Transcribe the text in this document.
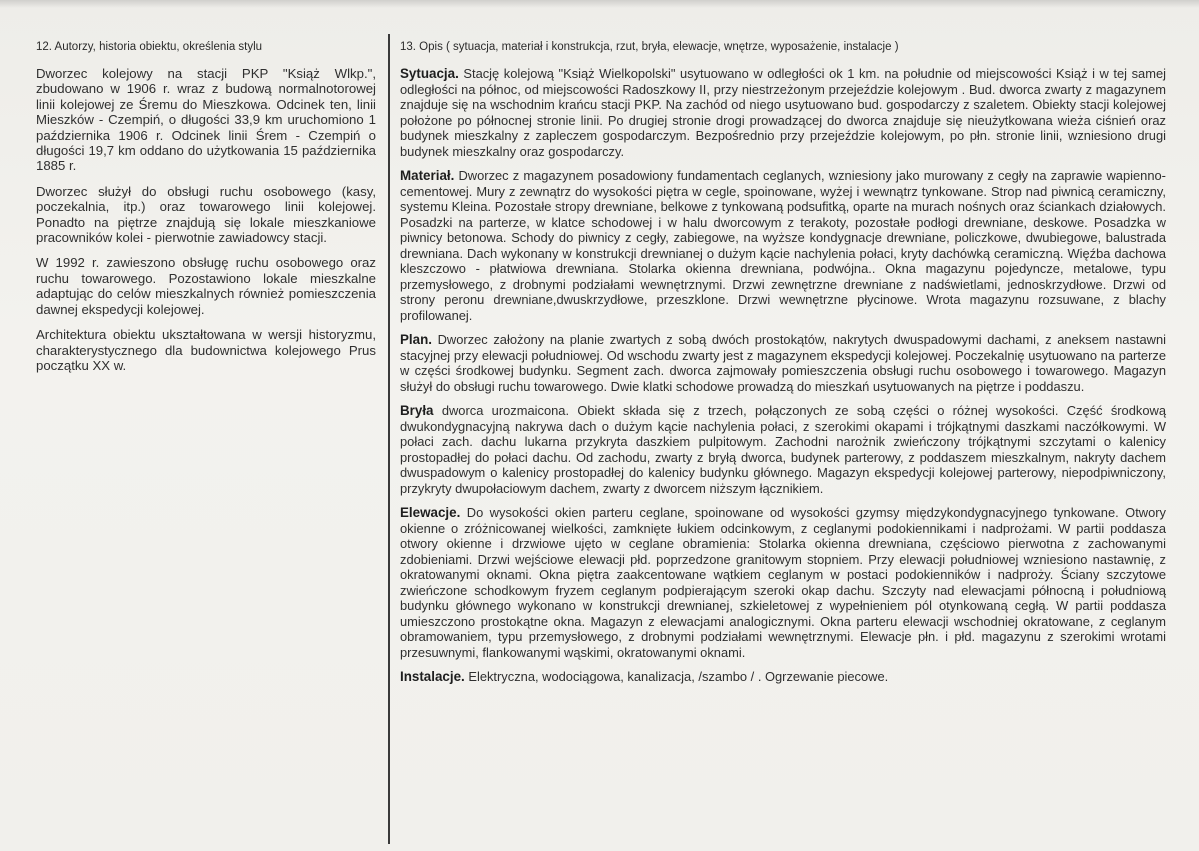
12. Autorzy, historia obiektu, określenia stylu

Dworzec kolejowy na stacji PKP "Książ Wlkp.", zbudowano w 1906 r. wraz z budową normalnotorowej linii kolejowej ze Śremu do Mieszkowa. Odcinek ten, linii Mieszków - Czempiń, o długości 33,9 km uruchomiono 1 października 1906 r. Odcinek linii Śrem - Czempiń o długości 19,7 km oddano do użytkowania 15 października 1885 r.

Dworzec służył do obsługi ruchu osobowego (kasy, poczekalnia, itp.) oraz towarowego linii kolejowej. Ponadto na piętrze znajdują się lokale mieszkaniowe pracowników kolei - pierwotnie zawiadowcy stacji.

W 1992 r. zawieszono obsługę ruchu osobowego oraz ruchu towarowego. Pozostawiono lokale mieszkalne adaptując do celów mieszkalnych również pomieszczenia dawnej ekspedycji kolejowej.

Architektura obiektu ukształtowana w wersji historyzmu, charakterystycznego dla budownictwa kolejowego Prus początku XX w.

13. Opis ( sytuacja, materiał i konstrukcja, rzut, bryła, elewacje, wnętrze, wyposażenie, instalacje )

Sytuacja. Stację kolejową "Książ Wielkopolski" usytuowano w odległości ok 1 km. na południe od miejscowości Książ i w tej samej odległości na północ, od miejscowości Radoszkowy II, przy niestrzeżonym przejeździe kolejowym . Bud. dworca zwarty z magazynem znajduje się na wschodnim krańcu stacji PKP. Na zachód od niego usytuowano bud. gospodarczy z szaletem. Obiekty stacji kolejowej położone po północnej stronie linii. Po drugiej stronie drogi prowadzącej do dworca znajduje się nieużytkowana wieża ciśnień oraz budynek mieszkalny z zapleczem gospodarczym. Bezpośrednio przy przejeździe kolejowym, po płn. stronie linii, wzniesiono drugi budynek mieszkalny oraz gospodarczy.

Materiał. Dworzec z magazynem posadowiony fundamentach ceglanych, wzniesiony jako murowany z cegły na zaprawie wapienno-cementowej. Mury z zewnątrz do wysokości piętra w cegle, spoinowane, wyżej i wewnątrz tynkowane. Strop nad piwnicą ceramiczny, systemu Kleina. Pozostałe stropy drewniane, belkowe z tynkowaną podsufitką, oparte na murach nośnych oraz ściankach działowych. Posadzki na parterze, w klatce schodowej i w halu dworcowym z terakoty, pozostałe podłogi drewniane, deskowe. Posadzka w piwnicy betonowa. Schody do piwnicy z cegły, zabiegowe, na wyższe kondygnacje drewniane, policzkowe, dwubiegowe, balustrada drewniana. Dach wykonany w konstrukcji drewnianej o dużym kącie nachylenia połaci, kryty dachówką ceramiczną. Więźba dachowa kleszczowo - płatwiowa drewniana. Stolarka okienna drewniana, podwójna.. Okna magazynu pojedyncze, metalowe, typu przemysłowego, z drobnymi podziałami wewnętrznymi. Drzwi zewnętrzne drewniane z nadświetlami, jednoskrzydłowe. Drzwi od strony peronu drewniane,dwuskrzydłowe, przeszklone. Drzwi wewnętrzne płycinowe. Wrota magazynu rozsuwane, z blachy profilowanej.

Plan. Dworzec założony na planie zwartych z sobą dwóch prostokątów, nakrytych dwuspadowymi dachami, z aneksem nastawni stacyjnej przy elewacji południowej. Od wschodu zwarty jest z magazynem ekspedycji kolejowej. Poczekalnię usytuowano na parterze w części środkowej budynku. Segment zach. dworca zajmowały pomieszczenia obsługi ruchu osobowego i towarowego. Magazyn służył do obsługi ruchu towarowego. Dwie klatki schodowe prowadzą do mieszkań usytuowanych na piętrze i poddaszu.

Bryła dworca urozmaicona. Obiekt składa się z trzech, połączonych ze sobą części o różnej wysokości. Część środkową dwukondygnacyjną nakrywa dach o dużym kącie nachylenia połaci, z szerokimi okapami i trójkątnymi daszkami naczółkowymi. W połaci zach. dachu lukarna przykryta daszkiem pulpitowym. Zachodni narożnik zwieńczony trójkątnymi szczytami o kalenicy prostopadłej do połaci dachu. Od zachodu, zwarty z bryłą dworca, budynek parterowy, z poddaszem mieszkalnym, nakryty dachem dwuspadowym o kalenicy prostopadłej do kalenicy budynku głównego. Magazyn ekspedycji kolejowej parterowy, niepodpiwniczony, przykryty dwupołaciowym dachem, zwarty z dworcem niższym łącznikiem.

Elewacje. Do wysokości okien parteru ceglane, spoinowane od wysokości gzymsy międzykondygnacyjnego tynkowane. Otwory okienne o zróżnicowanej wielkości, zamknięte łukiem odcinkowym, z ceglanymi podokiennikami i nadprożami. W partii poddasza otwory okienne i drzwiowe ujęto w ceglane obramienia: Stolarka okienna drewniana, częściowo pierwotna z zachowanymi zdobieniami. Drzwi wejściowe elewacji płd. poprzedzone granitowym stopniem. Przy elewacji południowej wzniesiono nastawnię, z okratowanymi oknami. Okna piętra zaakcentowane wątkiem ceglanym w postaci podokienników i nadproży. Ściany szczytowe zwieńczone schodkowym fryzem ceglanym podpierającym szeroki okap dachu. Szczyty nad elewacjami północną i południową budynku głównego wykonano w konstrukcji drewnianej, szkieletowej z wypełnieniem pól otynkowaną cegłą. W partii poddasza umieszczono prostokątne okna. Magazyn z elewacjami analogicznymi. Okna parteru elewacji wschodniej okratowane, z ceglanym obramowaniem, typu przemysłowego, z drobnymi podziałami wewnętrznymi. Elewacje płn. i płd. magazynu z szerokimi wrotami przesuwnymi, flankowanymi wąskimi, okratowanymi oknami.

Instalacje. Elektryczna, wodociągowa, kanalizacja, /szambo / . Ogrzewanie piecowe.
